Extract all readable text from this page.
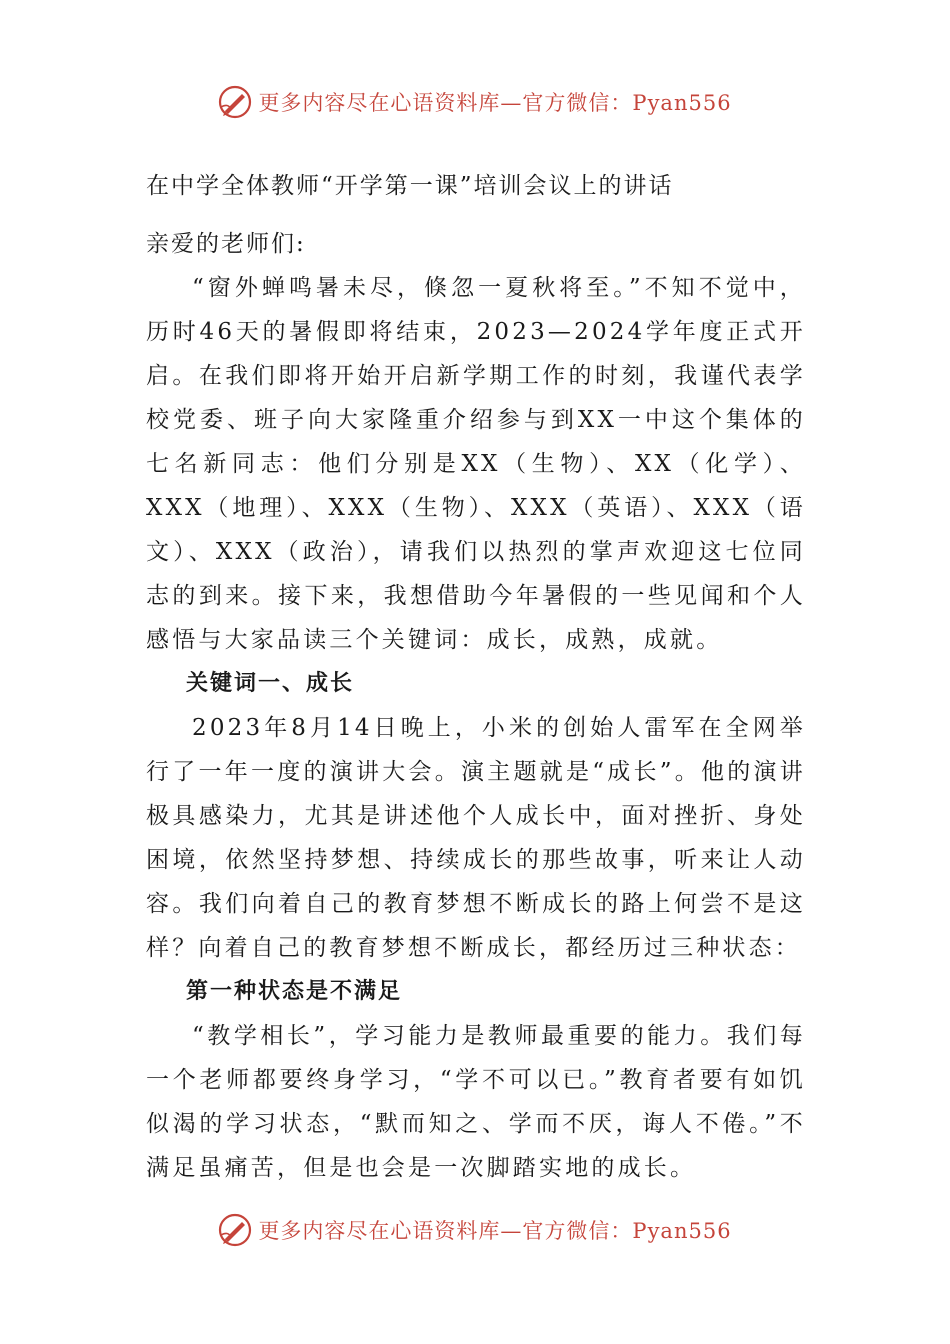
更多内容尽在心语资料库—官方微信：Pyan556

在中学全体教师“开学第一课”培训会议上的讲话

亲爱的老师们:

“窗外蝉鸣暑未尽，倏忽一夏秋将至。”不知不觉中，历时46天的暑假即将结束，2023—2024学年度正式开启。在我们即将开始开启新学期工作的时刻，我谨代表学校党委、班子向大家隆重介绍参与到XX一中这个集体的七名新同志：他们分别是XX（生物）、XX（化学）、XXX（地理）、XXX（生物）、XXX（英语）、XXX（语文）、XXX（政治），请我们以热烈的掌声欢迎这七位同志的到来。接下来，我想借助今年暑假的一些见闻和个人感悟与大家品读三个关键词：成长，成熟，成就。

关键词一、成长

2023年8月14日晚上，小米的创始人雷军在全网举行了一年一度的演讲大会。演主题就是“成长”。他的演讲极具感染力，尤其是讲述他个人成长中，面对挫折、身处困境，依然坚持梦想、持续成长的那些故事，听来让人动容。我们向着自己的教育梦想不断成长的路上何尝不是这样？向着自己的教育梦想不断成长，都经历过三种状态：

第一种状态是不满足

“教学相长”，学习能力是教师最重要的能力。我们每一个老师都要终身学习，“学不可以已。”教育者要有如饥似渴的学习状态，“默而知之、学而不厌，诲人不倦。”不满足虽痛苦，但是也会是一次脚踏实地的成长。

更多内容尽在心语资料库—官方微信：Pyan556
